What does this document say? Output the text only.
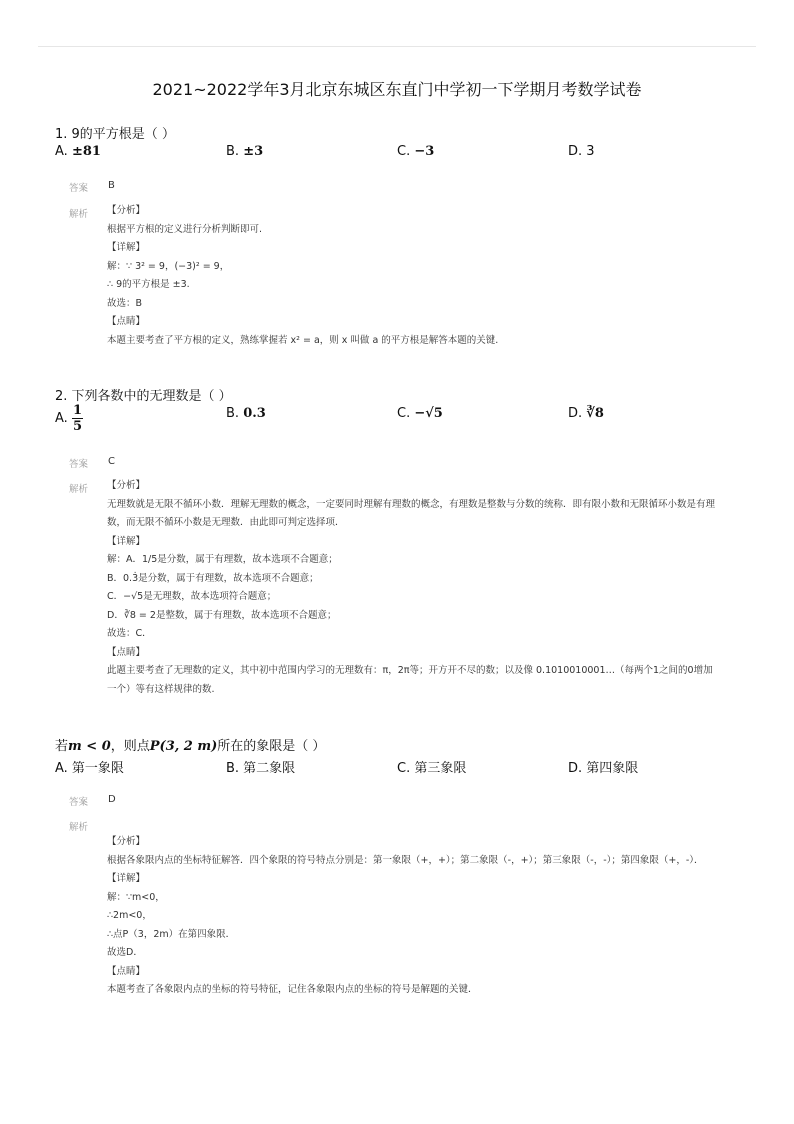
2021~2022学年3月北京东城区东直门中学初一下学期月考数学试卷
1. 9的平方根是（ ）
A. ±81	B. ±3	C. −3	D. 3
答案 B
解析 【分析】
根据平方根的定义进行分析判断即可.
【详解】
解：∵ 3² = 9，(−3)² = 9，
∴ 9的平方根是 ±3.
故选：B
【点睛】
本题主要考查了平方根的定义，熟练掌握若 x² = a，则 x 叫做 a 的平方根是解答本题的关键.
2. 下列各数中的无理数是（ ）
A. $\frac{1}{5}$	B. 0.3	C. −√5	D. ∛8
答案 C
解析 【分析】
无理数就是无限不循环小数．理解无理数的概念，一定要同时理解有理数的概念，有理数是整数与分数的统称．即有限小数和无限循环小数是有理数，而无限不循环小数是无理数．由此即可判定选择项．
【详解】
解：A．1/5是分数，属于有理数，故本选项不合题意；
B．0.3̇是分数，属于有理数，故本选项不合题意；
C．−√5是无理数，故本选项符合题意；
D．∛8 = 2是整数，属于有理数，故本选项不合题意；
故选：C．
【点睛】
此题主要考查了无理数的定义，其中初中范围内学习的无理数有：π，2π等；开方开不尽的数；以及像 0.1010010001…（每两个1之间的0增加一个）等有这样规律的数.
若m < 0，则点P(3, 2 m)所在的象限是（ ）
A. 第一象限	B. 第二象限	C. 第三象限	D. 第四象限
答案 D
解析
【分析】
根据各象限内点的坐标特征解答．四个象限的符号特点分别是：第一象限（+，+）；第二象限（-，+）；第三象限（-，-）；第四象限（+，-）．
【详解】
解：∵m<0，
∴2m<0，
∴点P（3，2m）在第四象限．
故选D．
【点睛】
本题考查了各象限内点的坐标的符号特征，记住各象限内点的坐标的符号是解题的关键．
